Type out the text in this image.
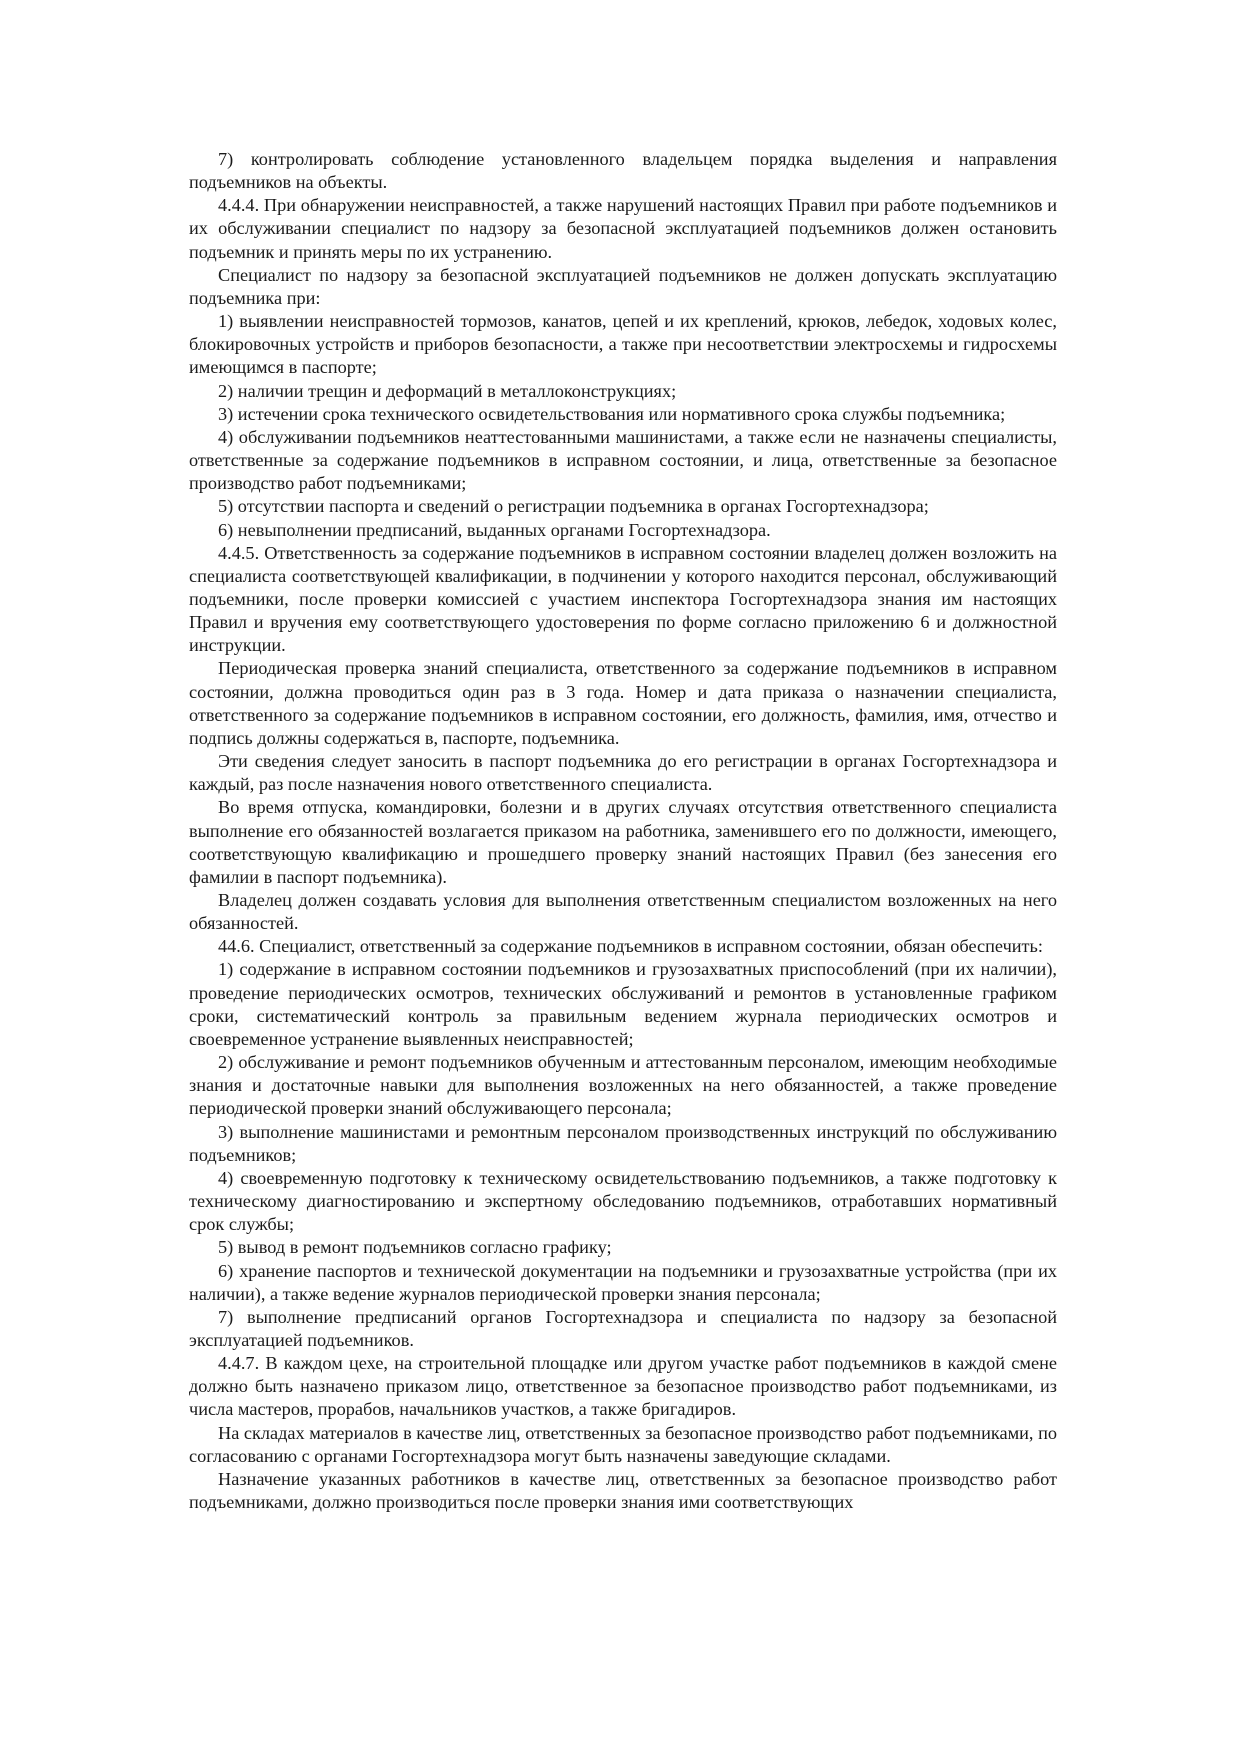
7) контролировать соблюдение установленного владельцем порядка выделения и направления подъемников на объекты.

4.4.4. При обнаружении неисправностей, а также нарушений настоящих Правил при работе подъемников и их обслуживании специалист по надзору за безопасной эксплуатацией подъемников должен остановить подъемник и принять меры по их устранению.

Специалист по надзору за безопасной эксплуатацией подъемников не должен допускать эксплуатацию подъемника при:

1) выявлении неисправностей тормозов, канатов, цепей и их креплений, крюков, лебедок, ходовых колес, блокировочных устройств и приборов безопасности, а также при несоответствии электросхемы и гидросхемы имеющимся в паспорте;

2) наличии трещин и деформаций в металлоконструкциях;

3) истечении срока технического освидетельствования или нормативного срока службы подъемника;

4) обслуживании подъемников неаттестованными машинистами, а также если не назначены специалисты, ответственные за содержание подъемников в исправном состоянии, и лица, ответственные за безопасное производство работ подъемниками;

5) отсутствии паспорта и сведений о регистрации подъемника в органах Госгортехнадзора;

6) невыполнении предписаний, выданных органами Госгортехнадзора.

4.4.5. Ответственность за содержание подъемников в исправном состоянии владелец должен возложить на специалиста соответствующей квалификации, в подчинении у которого находится персонал, обслуживающий подъемники, после проверки комиссией с участием инспектора Госгортехнадзора знания им настоящих Правил и вручения ему соответствующего удостоверения по форме согласно приложению 6 и должностной инструкции.

Периодическая проверка знаний специалиста, ответственного за содержание подъемников в исправном состоянии, должна проводиться один раз в 3 года. Номер и дата приказа о назначении специалиста, ответственного за содержание подъемников в исправном состоянии, его должность, фамилия, имя, отчество и подпись должны содержаться в, паспорте, подъемника.

Эти сведения следует заносить в паспорт подъемника до его регистрации в органах Госгортехнадзора и каждый, раз после назначения нового ответственного специалиста.

Во время отпуска, командировки, болезни и в других случаях отсутствия ответственного специалиста выполнение его обязанностей возлагается приказом на работника, заменившего его по должности, имеющего, соответствующую квалификацию и прошедшего проверку знаний настоящих Правил (без занесения его фамилии в паспорт подъемника).

Владелец должен создавать условия для выполнения ответственным специалистом возложенных на него обязанностей.

44.6. Специалист, ответственный за содержание подъемников в исправном состоянии, обязан обеспечить:

1) содержание в исправном состоянии подъемников и грузозахватных приспособлений (при их наличии), проведение периодических осмотров, технических обслуживаний и ремонтов в установленные графиком сроки, систематический контроль за правильным ведением журнала периодических осмотров и своевременное устранение выявленных неисправностей;

2) обслуживание и ремонт подъемников обученным и аттестованным персоналом, имеющим необходимые знания и достаточные навыки для выполнения возложенных на него обязанностей, а также проведение периодической проверки знаний обслуживающего персонала;

3) выполнение машинистами и ремонтным персоналом производственных инструкций по обслуживанию подъемников;

4) своевременную подготовку к техническому освидетельствованию подъемников, а также подготовку к техническому диагностированию и экспертному обследованию подъемников, отработавших нормативный срок службы;

5) вывод в ремонт подъемников согласно графику;

6) хранение паспортов и технической документации на подъемники и грузозахватные устройства (при их наличии), а также ведение журналов периодической проверки знания персонала;

7) выполнение предписаний органов Госгортехнадзора и специалиста по надзору за безопасной эксплуатацией подъемников.

4.4.7. В каждом цехе, на строительной площадке или другом участке работ подъемников в каждой смене должно быть назначено приказом лицо, ответственное за безопасное производство работ подъемниками, из числа мастеров, прорабов, начальников участков, а также бригадиров.

На складах материалов в качестве лиц, ответственных за безопасное производство работ подъемниками, по согласованию с органами Госгортехнадзора могут быть назначены заведующие складами.

Назначение указанных работников в качестве лиц, ответственных за безопасное производство работ подъемниками, должно производиться после проверки знания ими соответствующих
